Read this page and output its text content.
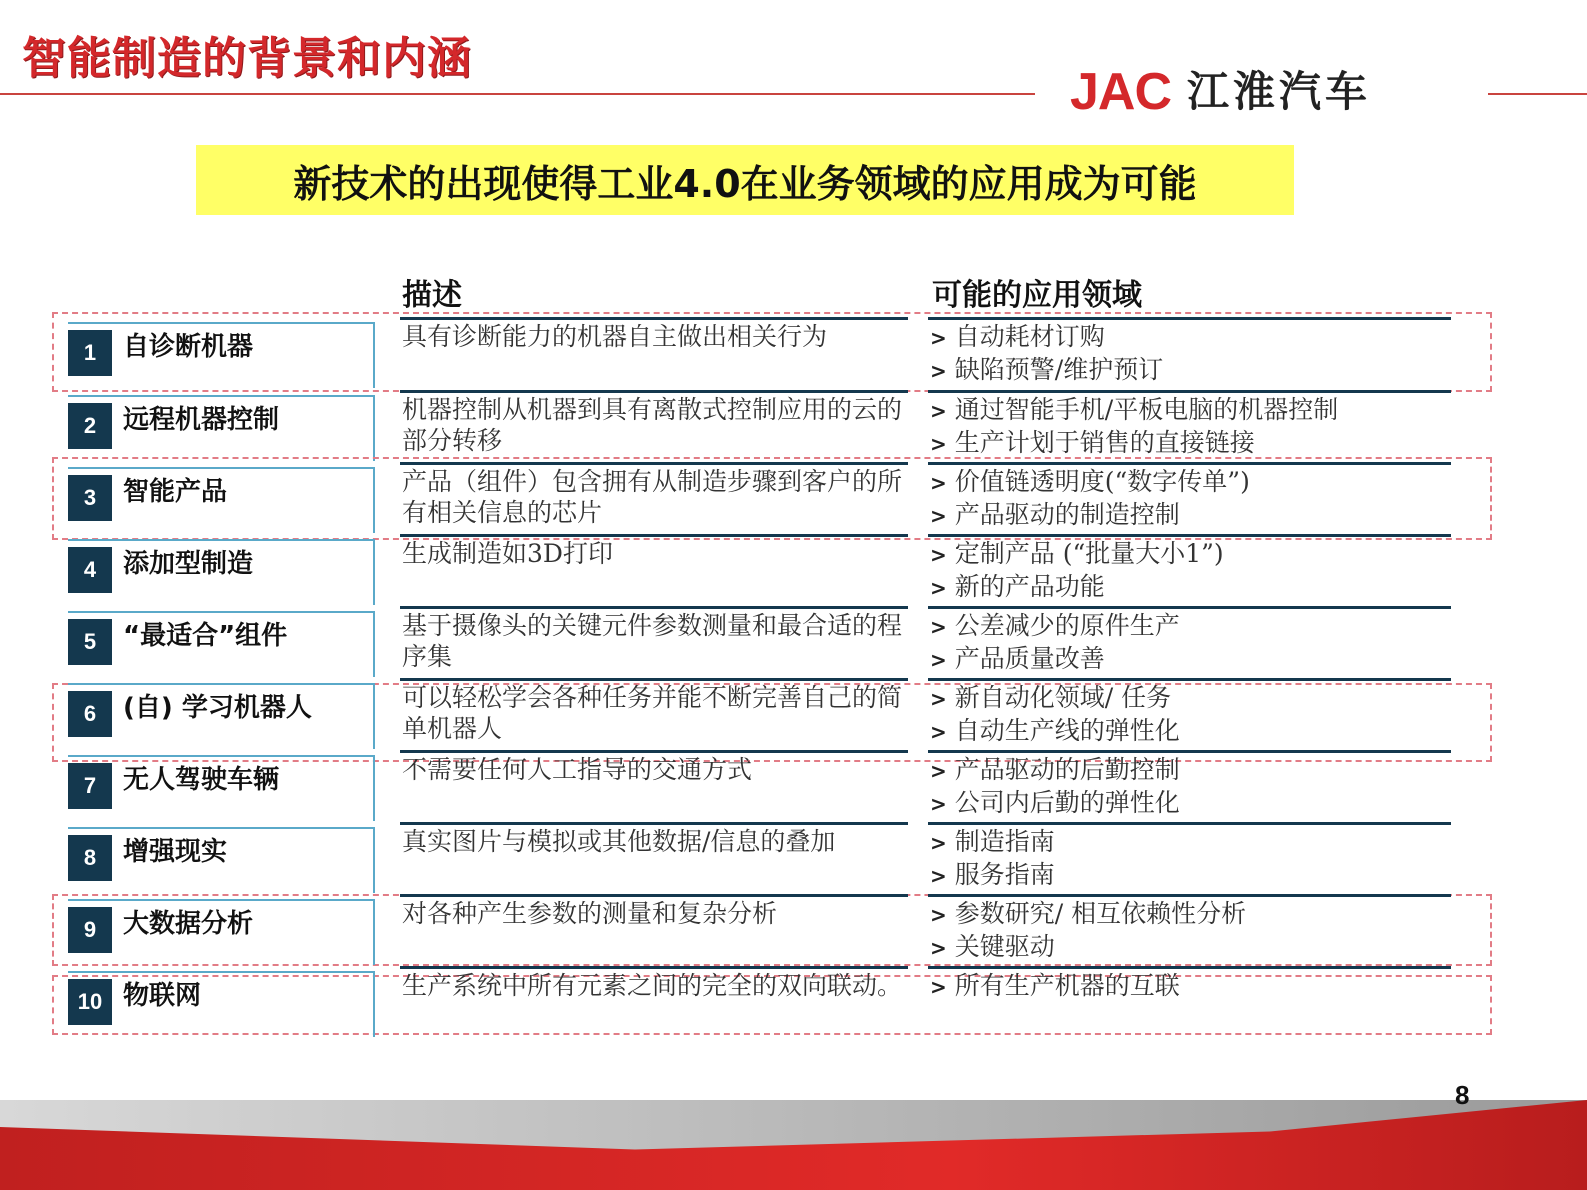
智能制造的背景和内涵
JAC 江淮汽车
新技术的出现使得工业4.0在业务领域的应用成为可能
描述	可能的应用领域
1	自诊断机器	具有诊断能力的机器自主做出相关行为	> 自动耗材订购
> 缺陷预警/维护预订
2	远程机器控制	机器控制从机器到具有离散式控制应用的云的部分转移
> 通过智能手机/平板电脑的机器控制
> 生产计划于销售的直接链接
3	智能产品	产品（组件）包含拥有从制造步骤到客户的所有相关信息的芯片
> 价值链透明度(“数字传单”)
> 产品驱动的制造控制
4	添加型制造	生成制造如3D打印	> 定制产品 (“批量大小1”)
> 新的产品功能
5	“最适合”组件	基于摄像头的关键元件参数测量和最合适的程序集
> 公差减少的原件生产
> 产品质量改善
6	(自) 学习机器人	可以轻松学会各种任务并能不断完善自己的简单机器人
> 新自动化领域/ 任务
> 自动生产线的弹性化
7	无人驾驶车辆	不需要任何人工指导的交通方式	> 产品驱动的后勤控制
> 公司内后勤的弹性化
8	增强现实	真实图片与模拟或其他数据/信息的叠加	> 制造指南
> 服务指南
9	大数据分析	对各种产生参数的测量和复杂分析	> 参数研究/ 相互依赖性分析
> 关键驱动
10 物联网	生产系统中所有元素之间的完全的双向联动。 > 所有生产机器的互联
8
